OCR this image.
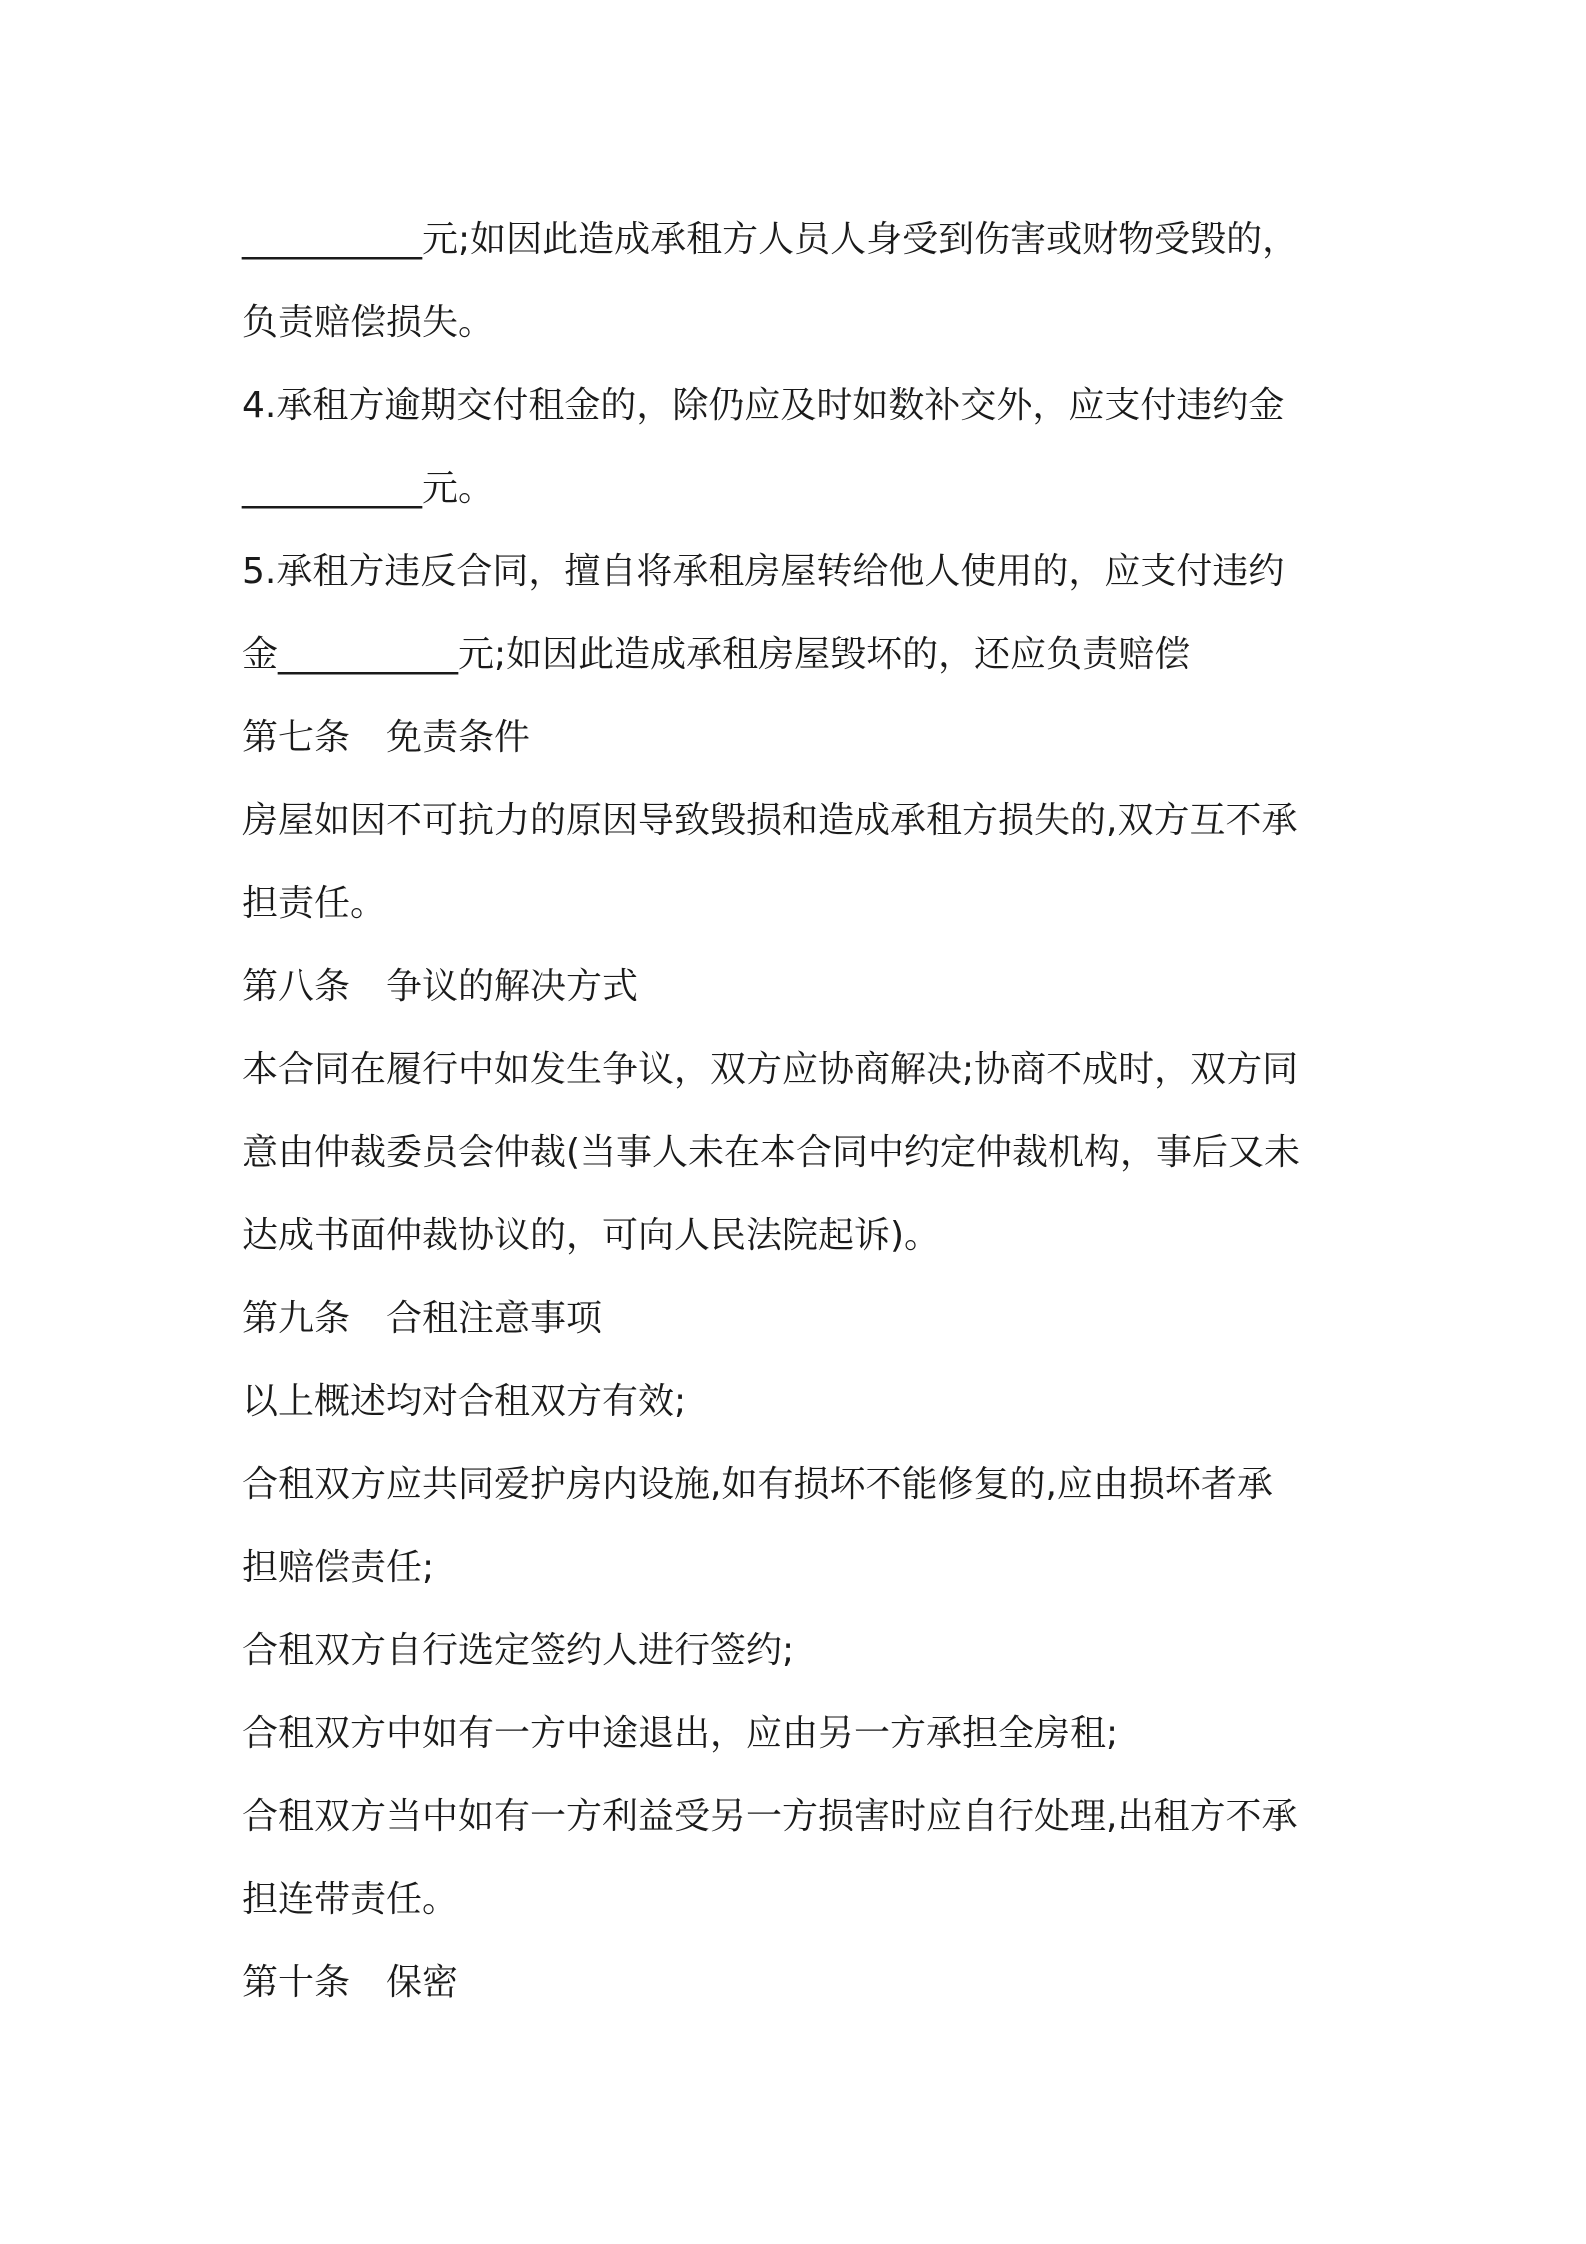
__________元;如因此造成承租方人员人身受到伤害或财物受毁的，
负责赔偿损失。
4.承租方逾期交付租金的，除仍应及时如数补交外，应支付违约金
__________元。
5.承租方违反合同，擅自将承租房屋转给他人使用的，应支付违约
金__________元;如因此造成承租房屋毁坏的，还应负责赔偿
第七条　免责条件
房屋如因不可抗力的原因导致毁损和造成承租方损失的,双方互不承
担责任。
第八条　争议的解决方式
本合同在履行中如发生争议，双方应协商解决;协商不成时，双方同
意由仲裁委员会仲裁(当事人未在本合同中约定仲裁机构，事后又未
达成书面仲裁协议的，可向人民法院起诉)。
第九条　合租注意事项
以上概述均对合租双方有效;
合租双方应共同爱护房内设施,如有损坏不能修复的,应由损坏者承
担赔偿责任;
合租双方自行选定签约人进行签约;
合租双方中如有一方中途退出，应由另一方承担全房租;
合租双方当中如有一方利益受另一方损害时应自行处理,出租方不承
担连带责任。
第十条　保密
